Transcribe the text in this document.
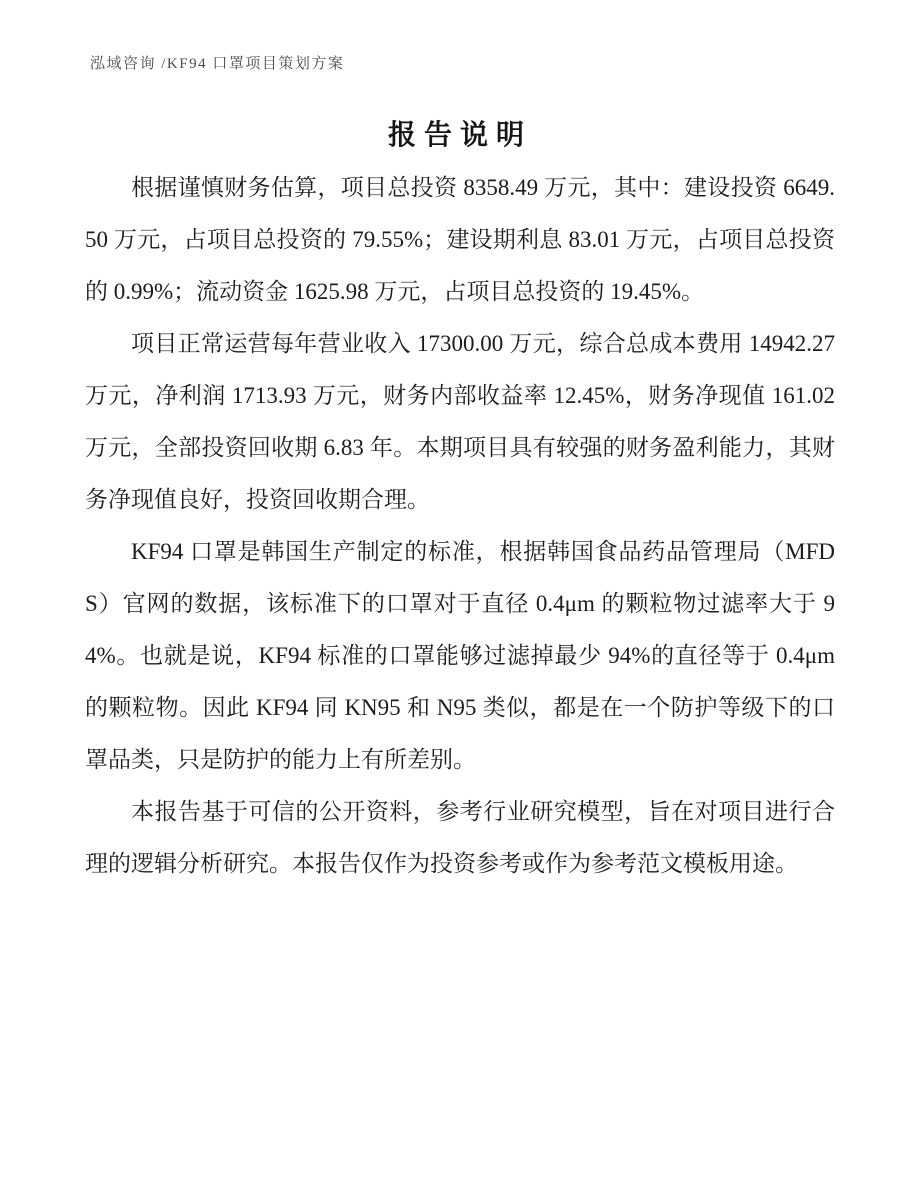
泓域咨询 /KF94 口罩项目策划方案
报告说明

根据谨慎财务估算，项目总投资 8358.49 万元，其中：建设投资 6649.50 万元，占项目总投资的 79.55%；建设期利息 83.01 万元，占项目总投资的 0.99%；流动资金 1625.98 万元，占项目总投资的 19.45%。

项目正常运营每年营业收入 17300.00 万元，综合总成本费用 14942.27 万元，净利润 1713.93 万元，财务内部收益率 12.45%，财务净现值 161.02 万元，全部投资回收期 6.83 年。本期项目具有较强的财务盈利能力，其财务净现值良好，投资回收期合理。

KF94 口罩是韩国生产制定的标准，根据韩国食品药品管理局（MFDS）官网的数据，该标准下的口罩对于直径 0.4μm 的颗粒物过滤率大于 94%。也就是说，KF94 标准的口罩能够过滤掉最少 94%的直径等于 0.4μm 的颗粒物。因此 KF94 同 KN95 和 N95 类似，都是在一个防护等级下的口罩品类，只是防护的能力上有所差别。

本报告基于可信的公开资料，参考行业研究模型，旨在对项目进行合理的逻辑分析研究。本报告仅作为投资参考或作为参考范文模板用途。
